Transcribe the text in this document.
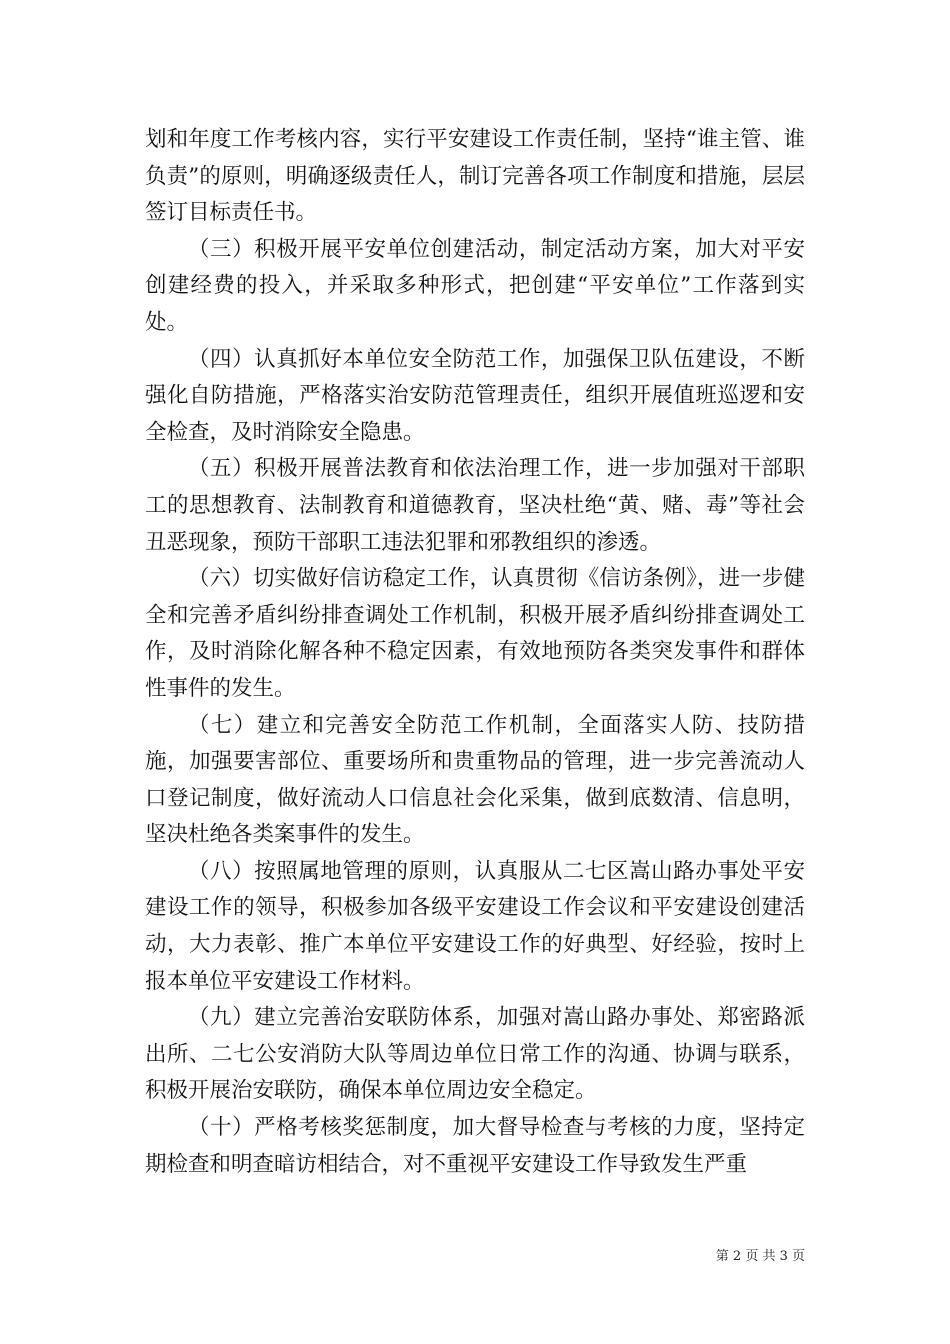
划和年度工作考核内容，实行平安建设工作责任制，坚持“谁主管、谁负责”的原则，明确逐级责任人，制订完善各项工作制度和措施，层层签订目标责任书。

（三）积极开展平安单位创建活动，制定活动方案，加大对平安创建经费的投入，并采取多种形式，把创建“平安单位”工作落到实处。

（四）认真抓好本单位安全防范工作，加强保卫队伍建设，不断强化自防措施，严格落实治安防范管理责任，组织开展值班巡逻和安全检查，及时消除安全隐患。

（五）积极开展普法教育和依法治理工作，进一步加强对干部职工的思想教育、法制教育和道德教育，坚决杜绝“黄、赌、毒”等社会丑恶现象，预防干部职工违法犯罪和邪教组织的渗透。

（六）切实做好信访稳定工作，认真贯彻《信访条例》，进一步健全和完善矛盾纠纷排查调处工作机制，积极开展矛盾纠纷排查调处工作，及时消除化解各种不稳定因素，有效地预防各类突发事件和群体性事件的发生。

（七）建立和完善安全防范工作机制，全面落实人防、技防措施，加强要害部位、重要场所和贵重物品的管理，进一步完善流动人口登记制度，做好流动人口信息社会化采集，做到底数清、信息明，坚决杜绝各类案事件的发生。

（八）按照属地管理的原则，认真服从二七区嵩山路办事处平安建设工作的领导，积极参加各级平安建设工作会议和平安建设创建活动，大力表彰、推广本单位平安建设工作的好典型、好经验，按时上报本单位平安建设工作材料。

（九）建立完善治安联防体系，加强对嵩山路办事处、郑密路派出所、二七公安消防大队等周边单位日常工作的沟通、协调与联系，积极开展治安联防，确保本单位周边安全稳定。

（十）严格考核奖惩制度，加大督导检查与考核的力度，坚持定期检查和明查暗访相结合，对不重视平安建设工作导致发生严重

第 2 页 共 3 页
